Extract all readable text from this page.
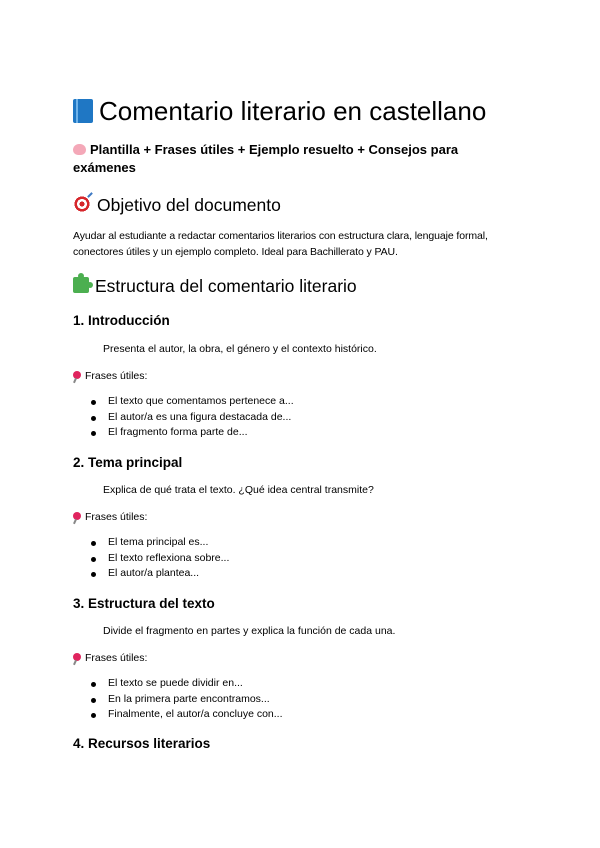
Comentario literario en castellano
Plantilla + Frases útiles + Ejemplo resuelto + Consejos para exámenes
Objetivo del documento
Ayudar al estudiante a redactar comentarios literarios con estructura clara, lenguaje formal, conectores útiles y un ejemplo completo. Ideal para Bachillerato y PAU.
Estructura del comentario literario
1. Introducción
Presenta el autor, la obra, el género y el contexto histórico.
Frases útiles:
El texto que comentamos pertenece a...
El autor/a es una figura destacada de...
El fragmento forma parte de...
2. Tema principal
Explica de qué trata el texto. ¿Qué idea central transmite?
Frases útiles:
El tema principal es...
El texto reflexiona sobre...
El autor/a plantea...
3. Estructura del texto
Divide el fragmento en partes y explica la función de cada una.
Frases útiles:
El texto se puede dividir en...
En la primera parte encontramos...
Finalmente, el autor/a concluye con...
4. Recursos literarios
